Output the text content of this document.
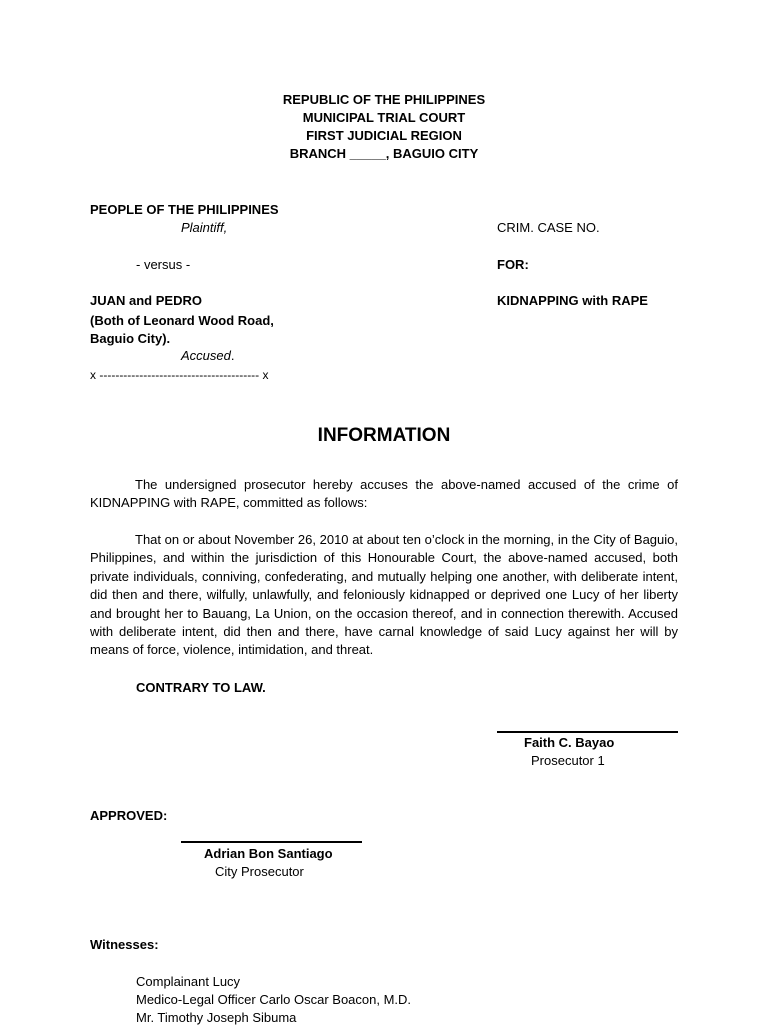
REPUBLIC OF THE PHILIPPINES
MUNICIPAL TRIAL COURT
FIRST JUDICIAL REGION
BRANCH _____, BAGUIO CITY
PEOPLE OF THE PHILIPPINES
Plaintiff,
- versus -
JUAN and PEDRO
(Both of Leonard Wood Road,
Baguio City).
Accused.
x ---------------------------------------- x
CRIM. CASE NO.
FOR:
KIDNAPPING with RAPE
INFORMATION
The undersigned prosecutor hereby accuses the above-named accused of the crime of KIDNAPPING with RAPE, committed as follows:
That on or about November 26, 2010 at about ten o’clock in the morning, in the City of Baguio, Philippines, and within the jurisdiction of this Honourable Court, the above-named accused, both private individuals, conniving, confederating, and mutually helping one another, with deliberate intent, did then and there, wilfully, unlawfully, and feloniously kidnapped or deprived one Lucy of her liberty and brought her to Bauang, La Union, on the occasion thereof, and in connection therewith. Accused with deliberate intent, did then and there, have carnal knowledge of said Lucy against her will by means of force, violence, intimidation, and threat.
CONTRARY TO LAW.
Faith C. Bayao
Prosecutor 1
APPROVED:
Adrian Bon Santiago
City Prosecutor
Witnesses:
Complainant Lucy
Medico-Legal Officer Carlo Oscar Boacon, M.D.
Mr. Timothy Joseph Sibuma
